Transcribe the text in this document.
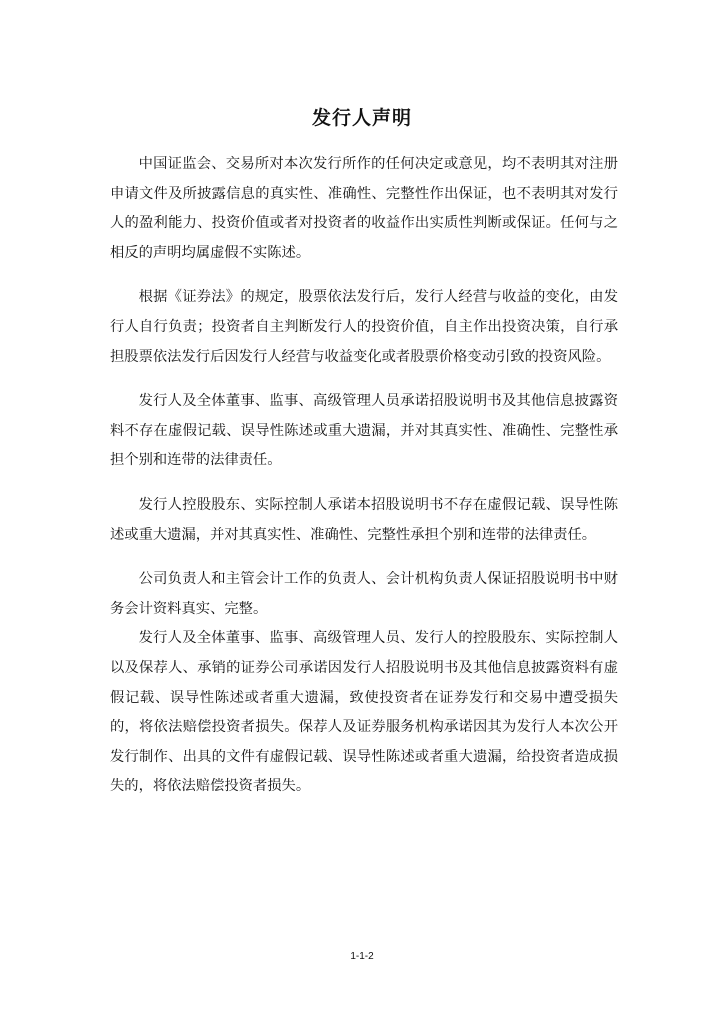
发行人声明

中国证监会、交易所对本次发行所作的任何决定或意见，均不表明其对注册申请文件及所披露信息的真实性、准确性、完整性作出保证，也不表明其对发行人的盈利能力、投资价值或者对投资者的收益作出实质性判断或保证。任何与之相反的声明均属虚假不实陈述。

根据《证券法》的规定，股票依法发行后，发行人经营与收益的变化，由发行人自行负责；投资者自主判断发行人的投资价值，自主作出投资决策，自行承担股票依法发行后因发行人经营与收益变化或者股票价格变动引致的投资风险。

发行人及全体董事、监事、高级管理人员承诺招股说明书及其他信息披露资料不存在虚假记载、误导性陈述或重大遗漏，并对其真实性、准确性、完整性承担个别和连带的法律责任。

发行人控股股东、实际控制人承诺本招股说明书不存在虚假记载、误导性陈述或重大遗漏，并对其真实性、准确性、完整性承担个别和连带的法律责任。

公司负责人和主管会计工作的负责人、会计机构负责人保证招股说明书中财务会计资料真实、完整。

发行人及全体董事、监事、高级管理人员、发行人的控股股东、实际控制人以及保荐人、承销的证券公司承诺因发行人招股说明书及其他信息披露资料有虚假记载、误导性陈述或者重大遗漏，致使投资者在证券发行和交易中遭受损失的，将依法赔偿投资者损失。保荐人及证券服务机构承诺因其为发行人本次公开发行制作、出具的文件有虚假记载、误导性陈述或者重大遗漏，给投资者造成损失的，将依法赔偿投资者损失。

1-1-2
